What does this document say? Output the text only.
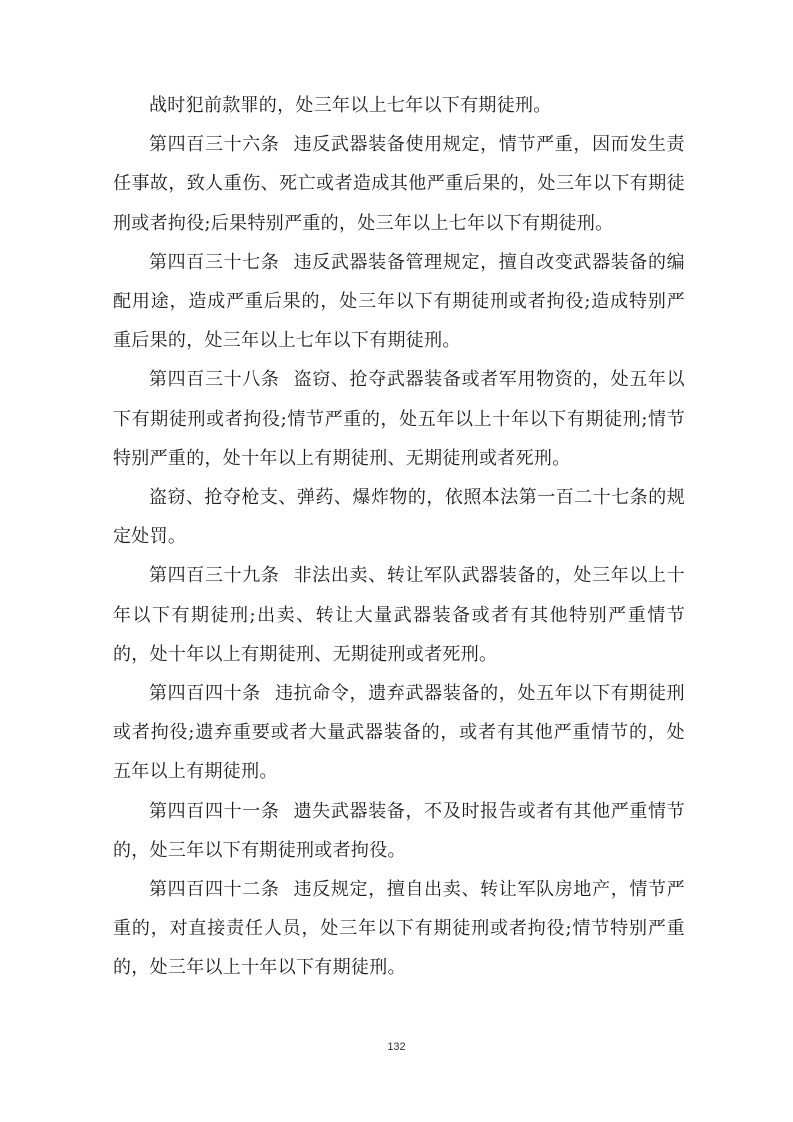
战时犯前款罪的，处三年以上七年以下有期徒刑。

第四百三十六条 违反武器装备使用规定，情节严重，因而发生责任事故，致人重伤、死亡或者造成其他严重后果的，处三年以下有期徒刑或者拘役;后果特别严重的，处三年以上七年以下有期徒刑。

第四百三十七条 违反武器装备管理规定，擅自改变武器装备的编配用途，造成严重后果的，处三年以下有期徒刑或者拘役;造成特别严重后果的，处三年以上七年以下有期徒刑。

第四百三十八条 盗窃、抢夺武器装备或者军用物资的，处五年以下有期徒刑或者拘役;情节严重的，处五年以上十年以下有期徒刑;情节特别严重的，处十年以上有期徒刑、无期徒刑或者死刑。

盗窃、抢夺枪支、弹药、爆炸物的，依照本法第一百二十七条的规定处罚。

第四百三十九条 非法出卖、转让军队武器装备的，处三年以上十年以下有期徒刑;出卖、转让大量武器装备或者有其他特别严重情节的，处十年以上有期徒刑、无期徒刑或者死刑。

第四百四十条 违抗命令，遗弃武器装备的，处五年以下有期徒刑或者拘役;遗弃重要或者大量武器装备的，或者有其他严重情节的，处五年以上有期徒刑。

第四百四十一条 遗失武器装备，不及时报告或者有其他严重情节的，处三年以下有期徒刑或者拘役。

第四百四十二条 违反规定，擅自出卖、转让军队房地产，情节严重的，对直接责任人员，处三年以下有期徒刑或者拘役;情节特别严重的，处三年以上十年以下有期徒刑。

132
